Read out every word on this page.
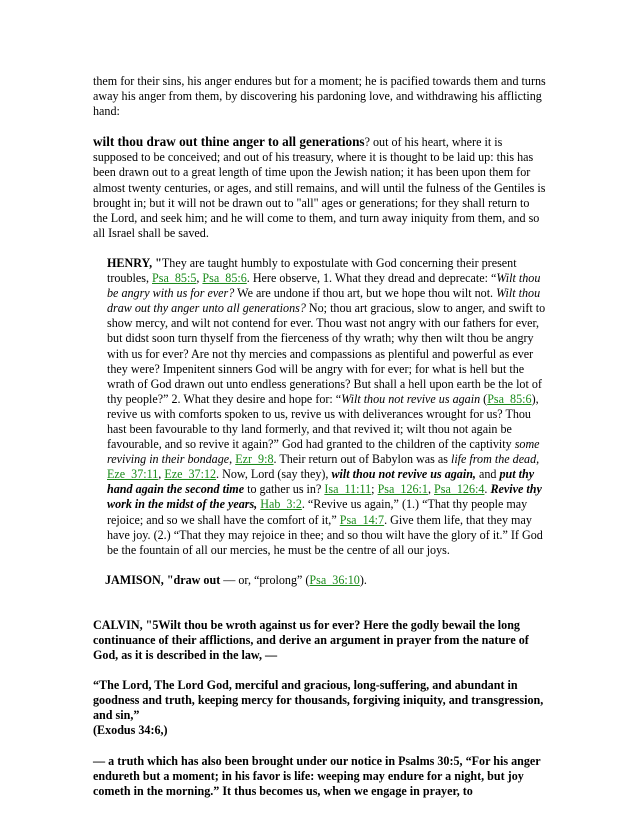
them for their sins, his anger endures but for a moment; he is pacified towards them and turns away his anger from them, by discovering his pardoning love, and withdrawing his afflicting hand:

wilt thou draw out thine anger to all generations? out of his heart, where it is supposed to be conceived; and out of his treasury, where it is thought to be laid up: this has been drawn out to a great length of time upon the Jewish nation; it has been upon them for almost twenty centuries, or ages, and still remains, and will until the fulness of the Gentiles is brought in; but it will not be drawn out to "all" ages or generations; for they shall return to the Lord, and seek him; and he will come to them, and turn away iniquity from them, and so all Israel shall be saved.

HENRY, "They are taught humbly to expostulate with God concerning their present troubles, Psa_85:5, Psa_85:6. Here observe, 1. What they dread and deprecate: “Wilt thou be angry with us for ever? We are undone if thou art, but we hope thou wilt not. Wilt thou draw out thy anger unto all generations? No; thou art gracious, slow to anger, and swift to show mercy, and wilt not contend for ever. Thou wast not angry with our fathers for ever, but didst soon turn thyself from the fierceness of thy wrath; why then wilt thou be angry with us for ever? Are not thy mercies and compassions as plentiful and powerful as ever they were? Impenitent sinners God will be angry with for ever; for what is hell but the wrath of God drawn out unto endless generations? But shall a hell upon earth be the lot of thy people?” 2. What they desire and hope for: “Wilt thou not revive us again (Psa_85:6), revive us with comforts spoken to us, revive us with deliverances wrought for us? Thou hast been favourable to thy land formerly, and that revived it; wilt thou not again be favourable, and so revive it again?” God had granted to the children of the captivity some reviving in their bondage, Ezr_9:8. Their return out of Babylon was as life from the dead, Eze_37:11, Eze_37:12. Now, Lord (say they), wilt thou not revive us again, and put thy hand again the second time to gather us in? Isa_11:11; Psa_126:1, Psa_126:4. Revive thy work in the midst of the years, Hab_3:2. “Revive us again,” (1.) “That thy people may rejoice; and so we shall have the comfort of it,” Psa_14:7. Give them life, that they may have joy. (2.) “That they may rejoice in thee; and so thou wilt have the glory of it.” If God be the fountain of all our mercies, he must be the centre of all our joys.

JAMISON, "draw out — or, “prolong” (Psa_36:10).

CALVIN, "5Wilt thou be wroth against us for ever? Here the godly bewail the long continuance of their afflictions, and derive an argument in prayer from the nature of God, as it is described in the law, —

“The Lord, The Lord God, merciful and gracious, long-suffering, and abundant in goodness and truth, keeping mercy for thousands, forgiving iniquity, and transgression, and sin,”

(Exodus 34:6,)

— a truth which has also been brought under our notice in Psalms 30:5, “For his anger endureth but a moment; in his favor is life: weeping may endure for a night, but joy cometh in the morning.” It thus becomes us, when we engage in prayer, to
